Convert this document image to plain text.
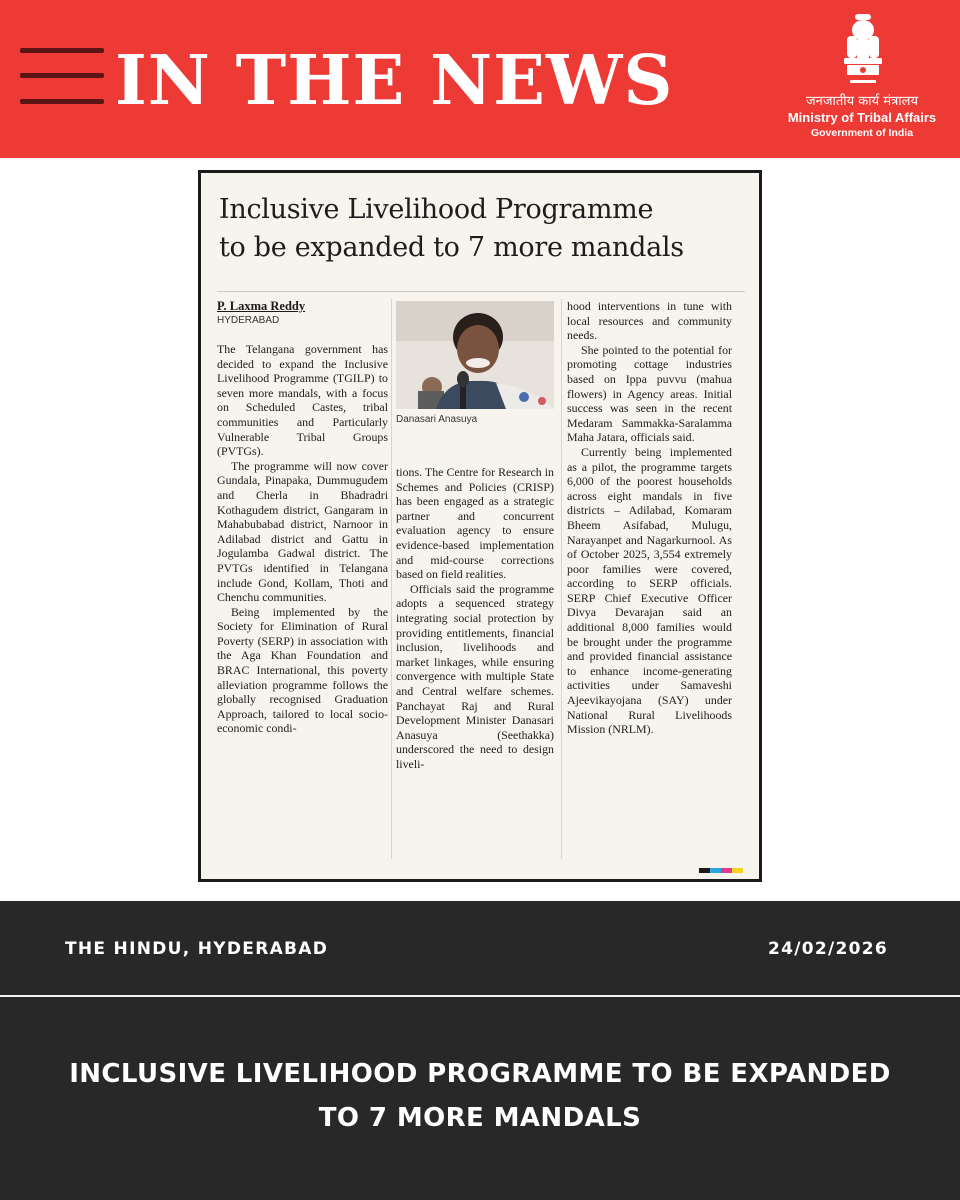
IN THE NEWS	जनजातीय कार्य मंत्रालय
Ministry of Tribal Affairs
Government of India
Inclusive Livelihood Programme
to be expanded to 7 more mandals
P. Laxma Reddy
HYDERABAD

The Telangana government has decided to expand the Inclusive Livelihood Programme (TGILP) to seven more mandals, with a focus on Scheduled Castes, tribal communities and Particularly Vulnerable Tribal Groups (PVTGs).

The programme will now cover Gundala, Pinapaka, Dummugudem and Cherla in Bhadradri Kothagudem district, Gangaram in Mahabubabad district, Narnoor in Adilabad district and Gattu in Jogulamba Gadwal district. The PVTGs identified in Telangana include Gond, Kollam, Thoti and Chenchu communities.

Being implemented by the Society for Elimination of Rural Poverty (SERP) in association with the Aga Khan Foundation and BRAC International, this poverty alleviation programme follows the globally recognised Graduation Approach, tailored to local socio-economic condi-

Danasari Anasuya

tions. The Centre for Research in Schemes and Policies (CRISP) has been engaged as a strategic partner and concurrent evaluation agency to ensure evidence-based implementation and mid-course corrections based on field realities.

Officials said the programme adopts a sequenced strategy integrating social protection by providing entitlements, financial inclusion, livelihoods and market linkages, while ensuring convergence with multiple State and Central welfare schemes. Panchayat Raj and Rural Development Minister Danasari Anasuya (Seethakka) underscored the need to design liveli-

hood interventions in tune with local resources and community needs.

She pointed to the potential for promoting cottage industries based on Ippa puvvu (mahua flowers) in Agency areas. Initial success was seen in the recent Medaram Sammakka-Saralamma Maha Jatara, officials said.

Currently being implemented as a pilot, the programme targets 6,000 of the poorest households across eight mandals in five districts – Adilabad, Komaram Bheem Asifabad, Mulugu, Narayanpet and Nagarkurnool. As of October 2025, 3,554 extremely poor families were covered, according to SERP officials. SERP Chief Executive Officer Divya Devarajan said an additional 8,000 families would be brought under the programme and provided financial assistance to enhance income-generating activities under Samaveshi Ajeevikayojana (SAY) under National Rural Livelihoods Mission (NRLM).

THE HINDU, HYDERABAD	24/02/2026
INCLUSIVE LIVELIHOOD PROGRAMME TO BE EXPANDED
TO 7 MORE MANDALS
